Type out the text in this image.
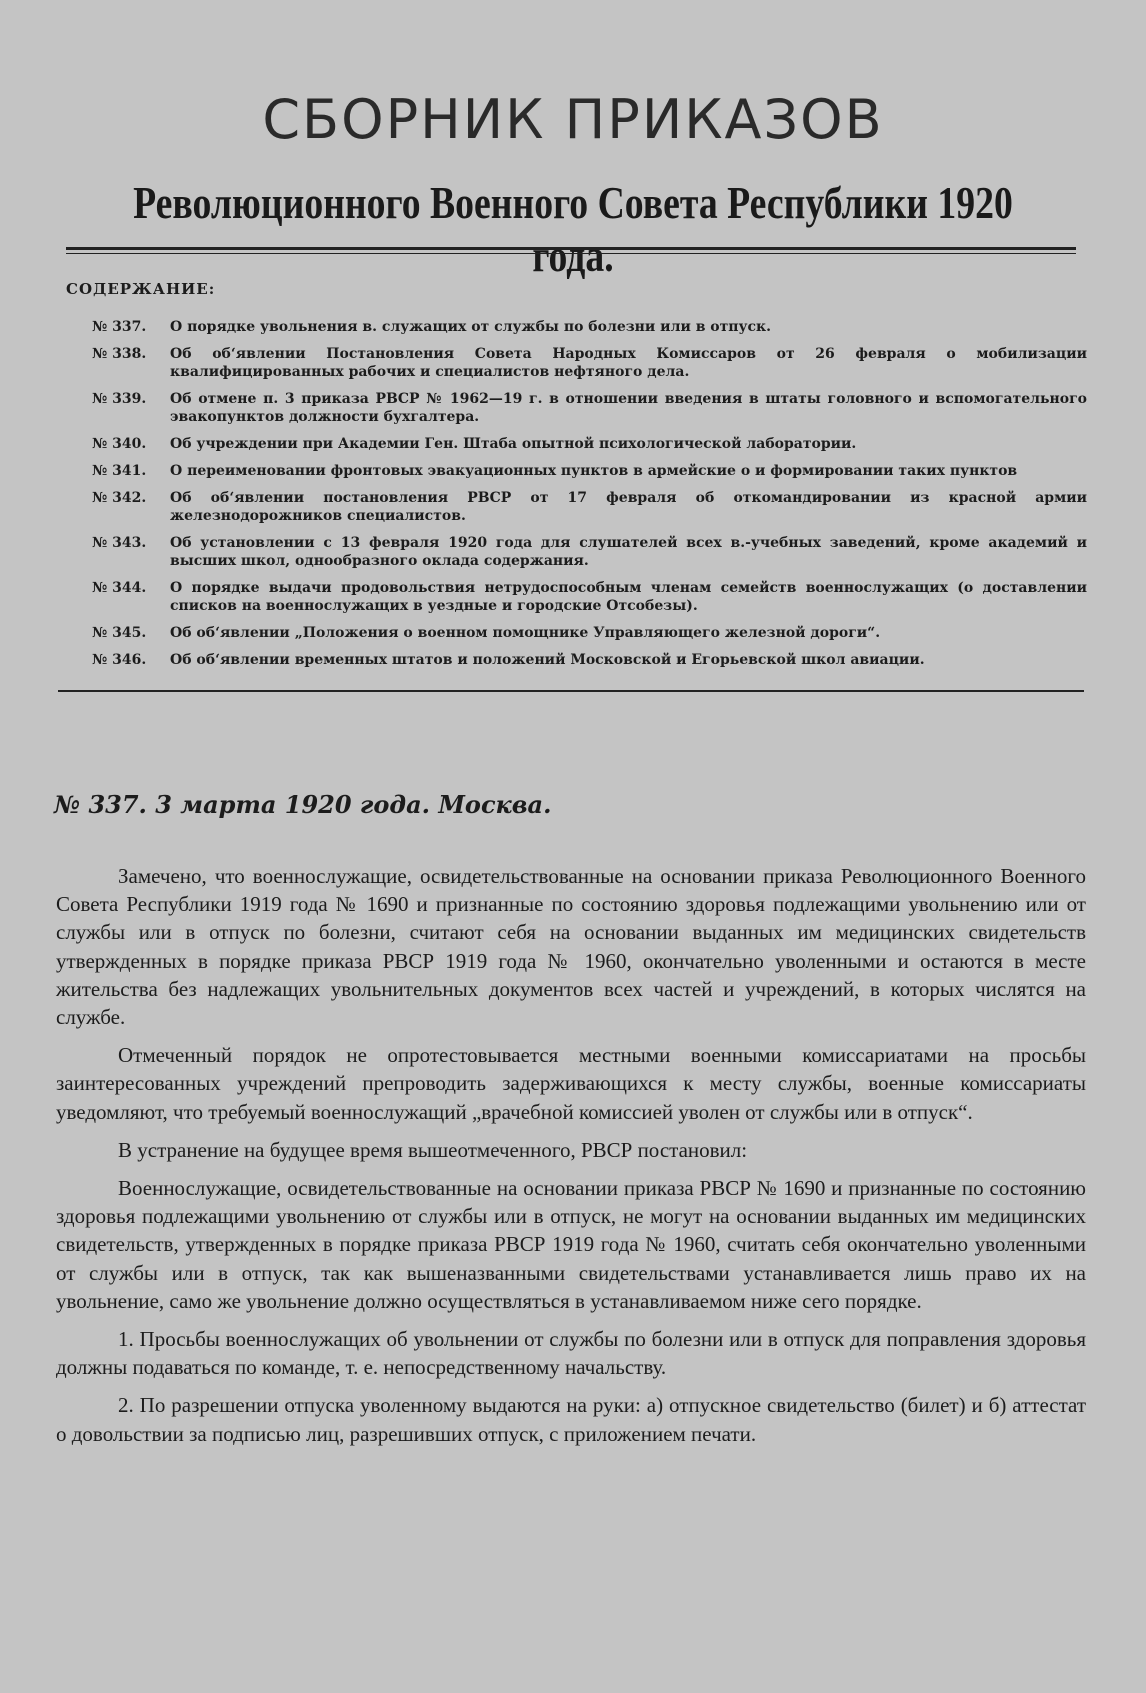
СБОРНИК ПРИКАЗОВ
Революционного Военного Совета Республики 1920 года.
СОДЕРЖАНИЕ:
№ 337.	О порядке увольнения в. служащих от службы по болезни или в отпуск.
№ 338.	Об об‘явлении Постановления Совета Народных Комиссаров от 26 февраля о мобилизации квалифицированных рабочих и специалистов нефтяного дела.
№ 339.	Об отмене п. 3 приказа РВСР № 1962—19 г. в отношении введения в штаты головного и вспомогательного эвакопунктов должности бухгалтера.
№ 340.	Об учреждении при Академии Ген. Штаба опытной психологической лаборатории.
№ 341.	О переименовании фронтовых эвакуационных пунктов в армейские о и формировании таких пунктов
№ 342.	Об об‘явлении постановления РВСР от 17 февраля об откомандировании из красной армии железнодорожников специалистов.
№ 343.	Об установлении с 13 февраля 1920 года для слушателей всех в.-учебных заведений, кроме академий и высших школ, однообразного оклада содержания.
№ 344.	О порядке выдачи продовольствия нетрудоспособным членам семейств военнослужащих (о доставлении списков на военнослужащих в уездные и городские Отсобезы).
№ 345.	Об об‘явлении „Положения о военном помощнике Управляющего железной дороги“.
№ 346.	Об об‘явлении временных штатов и положений Московской и Егорьевской школ авиации.
№ 337. 3 марта 1920 года. Москва.

Замечено, что военнослужащие, освидетельствованные на основании приказа Революционного Военного Совета Республики 1919 года № 1690 и признанные по состоянию здоровья подлежащими увольнению или от службы или в отпуск по болезни, считают себя на основании выданных им медицинских свидетельств утвержденных в порядке приказа РВСР 1919 года № 1960, окончательно уволенными и остаются в месте жительства без надлежащих увольнительных документов всех частей и учреждений, в которых числятся на службе.

Отмеченный порядок не опротестовывается местными военными комиссариатами на просьбы заинтересованных учреждений препроводить задерживающихся к месту службы, военные комиссариаты уведомляют, что требуемый военнослужащий „врачебной комиссией уволен от службы или в отпуск“.

В устранение на будущее время вышеотмеченного, РВСР постановил:

Военнослужащие, освидетельствованные на основании приказа РВСР № 1690 и признанные по состоянию здоровья подлежащими увольнению от службы или в отпуск, не могут на основании выданных им медицинских свидетельств, утвержденных в порядке приказа РВСР 1919 года № 1960, считать себя окончательно уволенными от службы или в отпуск, так как вышеназванными свидетельствами устанавливается лишь право их на увольнение, само же увольнение должно осуществляться в устанавливаемом ниже сего порядке.

1. Просьбы военнослужащих об увольнении от службы по болезни или в отпуск для поправления здоровья должны подаваться по команде, т. е. непосредственному начальству.

2. По разрешении отпуска уволенному выдаются на руки: а) отпускное свидетельство (билет) и б) аттестат о довольствии за подписью лиц, разрешивших отпуск, с приложением печати.
